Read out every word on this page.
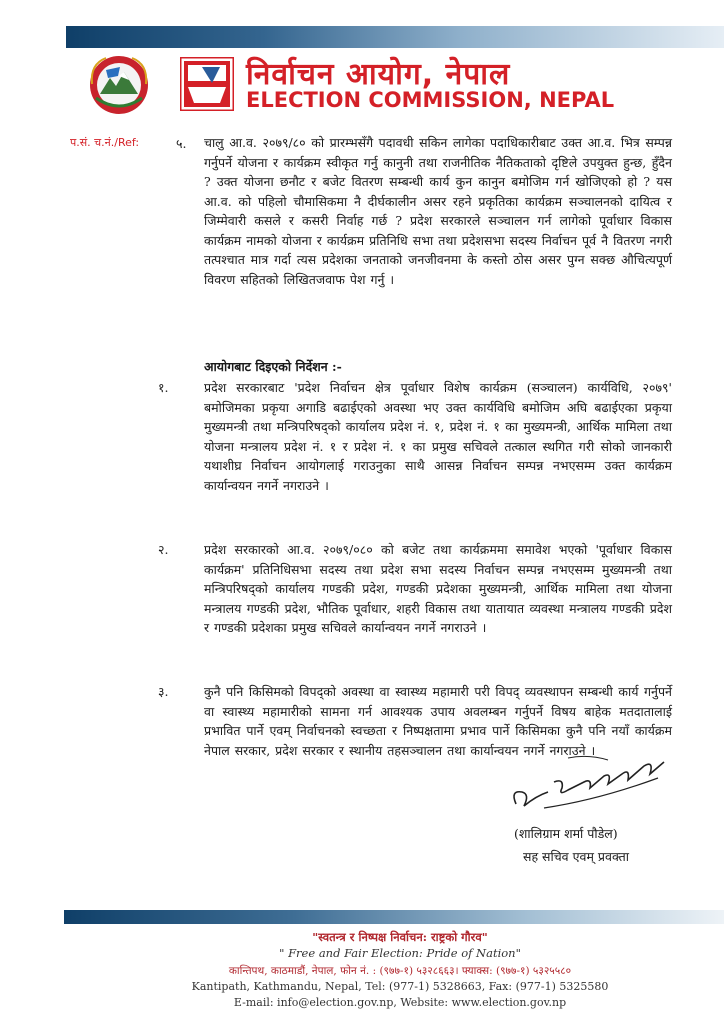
निर्वाचन आयोग, नेपाल
ELECTION COMMISSION, NEPAL
प.सं. च.नं./Ref:	५. चालु आ.व. २०७९/८० को प्रारम्भसँगै पदावधी सकिन लागेका पदाधिकारीबाट उक्त आ.व. भित्र सम्पन्न गर्नुपर्ने योजना र कार्यक्रम स्वीकृत गर्नु कानुनी तथा राजनीतिक नैतिकताको दृष्टिले उपयुक्त हुन्छ, हुँदैन ? उक्त योजना छनौट र बजेट वितरण सम्बन्धी कार्य कुन कानुन बमोजिम गर्न खोजिएको हो ? यस आ.व. को पहिलो चौमासिकमा नै दीर्घकालीन असर रहने प्रकृतिका कार्यक्रम सञ्चालनको दायित्व र जिम्मेवारी कसले र कसरी निर्वाह गर्छ ? प्रदेश सरकारले सञ्चालन गर्न लागेको पूर्वाधार विकास कार्यक्रम नामको योजना र कार्यक्रम प्रतिनिधि सभा तथा प्रदेशसभा सदस्य निर्वाचन पूर्व नै वितरण नगरी तत्पश्चात मात्र गर्दा त्यस प्रदेशका जनताको जनजीवनमा के कस्तो ठोस असर पुग्न सक्छ औचित्यपूर्ण विवरण सहितको लिखितजवाफ पेश गर्नु ।

आयोगबाट दिइएको निर्देशन :-
१.	प्रदेश सरकारबाट 'प्रदेश निर्वाचन क्षेत्र पूर्वाधार विशेष कार्यक्रम (सञ्चालन) कार्यविधि, २०७९' बमोजिमका प्रकृया अगाडि बढाईएको अवस्था भए उक्त कार्यविधि बमोजिम अघि बढाईएका प्रकृया मुख्यमन्त्री तथा मन्त्रिपरिषद्को कार्यालय प्रदेश नं. १, प्रदेश नं. १ का मुख्यमन्त्री, आर्थिक मामिला तथा योजना मन्त्रालय प्रदेश नं. १ र प्रदेश नं. १ का प्रमुख सचिवले तत्काल स्थगित गरी सोको जानकारी यथाशीघ्र निर्वाचन आयोगलाई गराउनुका साथै आसन्न निर्वाचन सम्पन्न नभएसम्म उक्त कार्यक्रम कार्यान्वयन नगर्ने नगराउने ।

२.	प्रदेश सरकारको आ.व. २०७९/०८० को बजेट तथा कार्यक्रममा समावेश भएको 'पूर्वाधार विकास कार्यक्रम' प्रतिनिधिसभा सदस्य तथा प्रदेश सभा सदस्य निर्वाचन सम्पन्न नभएसम्म मुख्यमन्त्री तथा मन्त्रिपरिषद्को कार्यालय गण्डकी प्रदेश, गण्डकी प्रदेशका मुख्यमन्त्री, आर्थिक मामिला तथा योजना मन्त्रालय गण्डकी प्रदेश, भौतिक पूर्वाधार, शहरी विकास तथा यातायात व्यवस्था मन्त्रालय गण्डकी प्रदेश र गण्डकी प्रदेशका प्रमुख सचिवले कार्यान्वयन नगर्ने नगराउने ।

३.	कुनै पनि किसिमको विपद्को अवस्था वा स्वास्थ्य महामारी परी विपद् व्यवस्थापन सम्बन्धी कार्य गर्नुपर्ने वा स्वास्थ्य महामारीको सामना गर्न आवश्यक उपाय अवलम्बन गर्नुपर्ने विषय बाहेक मतदातालाई प्रभावित पार्ने एवम् निर्वाचनको स्वच्छता र निष्पक्षतामा प्रभाव पार्ने किसिमका कुनै पनि नयाँ कार्यक्रम नेपाल सरकार, प्रदेश सरकार र स्थानीय तहसञ्चालन तथा कार्यान्वयन नगर्ने नगराउने ।

(शालिग्राम शर्मा पौडेल)
सह सचिव एवम् प्रवक्ता

"स्वतन्त्र र निष्पक्ष निर्वाचन: राष्ट्रको गौरव"

" Free and Fair Election: Pride of Nation"

कान्तिपथ, काठमाडौं, नेपाल, फोन नं. : (९७७-१) ५३२८६६३। फ्याक्स: (९७७-१) ५३२५५८०

Kantipath, Kathmandu, Nepal, Tel: (977-1) 5328663, Fax: (977-1) 5325580

E-mail: info@election.gov.np, Website: www.election.gov.np
